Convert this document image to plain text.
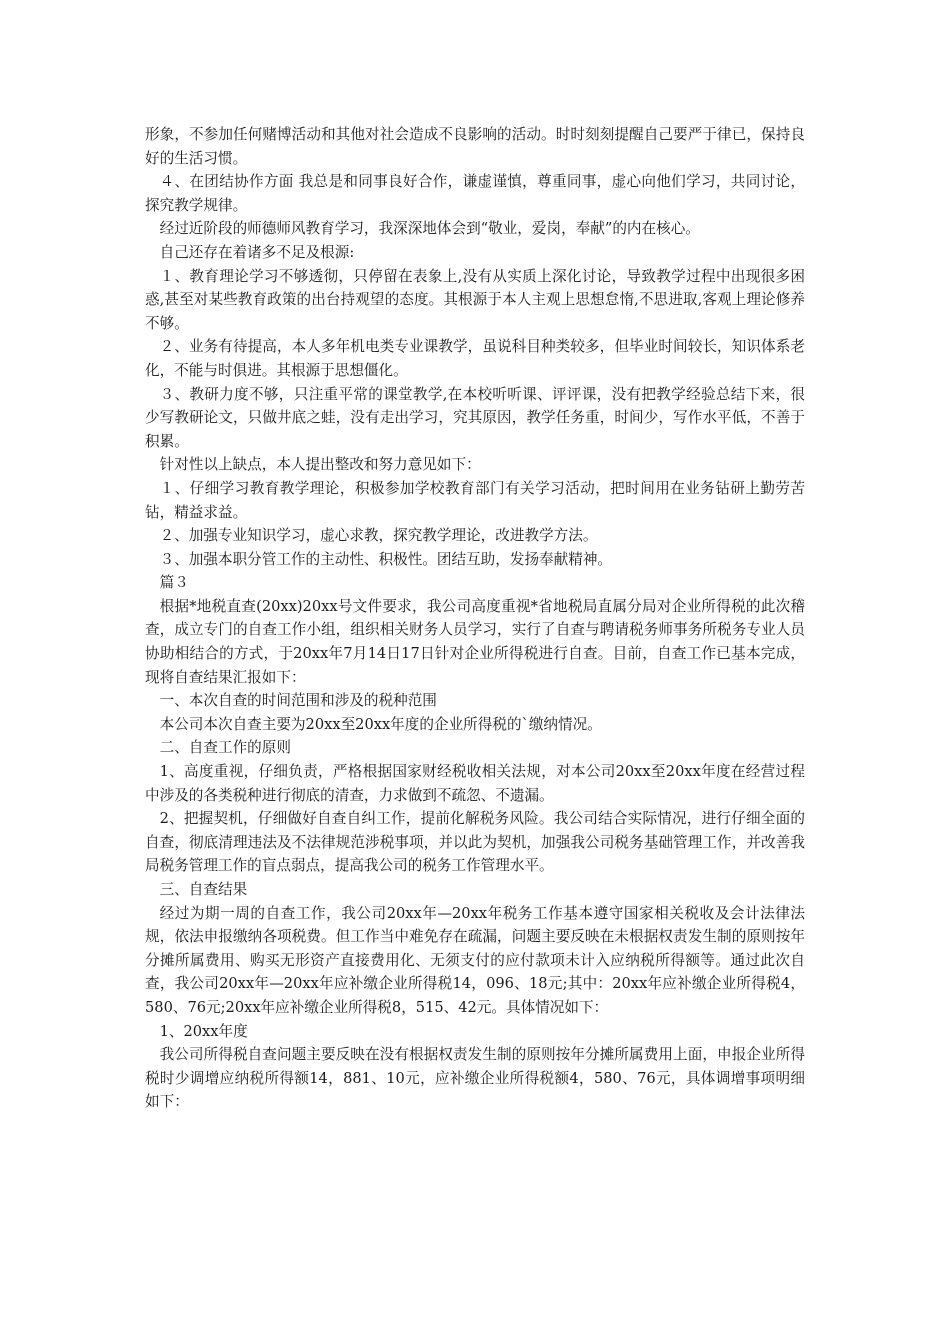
形象，不参加任何赌博活动和其他对社会造成不良影响的活动。时时刻刻提醒自己要严于律已，保持良好的生活习惯。

４、在团结协作方面 我总是和同事良好合作，谦虚谨慎，尊重同事，虚心向他们学习，共同讨论，探究教学规律。

经过近阶段的师德师风教育学习，我深深地体会到“敬业，爱岗，奉献”的内在核心。

自己还存在着诸多不足及根源:

１、教育理论学习不够透彻，只停留在表象上,没有从实质上深化讨论，导致教学过程中出现很多困惑,甚至对某些教育政策的出台持观望的态度。其根源于本人主观上思想怠惰,不思进取,客观上理论修养不够。

２、业务有待提高，本人多年机电类专业课教学，虽说科目种类较多，但毕业时间较长，知识体系老化，不能与时俱进。其根源于思想僵化。

３、教研力度不够，只注重平常的课堂教学,在本校听听课、评评课，没有把教学经验总结下来，很少写教研论文，只做井底之蛙，没有走出学习，究其原因，教学任务重，时间少，写作水平低，不善于积累。

针对性以上缺点，本人提出整改和努力意见如下：

１、仔细学习教育教学理论，积极参加学校教育部门有关学习活动，把时间用在业务钻研上勤劳苦钻，精益求益。

２、加强专业知识学习，虚心求教，探究教学理论，改进教学方法。

３、加强本职分管工作的主动性、积极性。团结互助，发扬奉献精神。

篇３

根据*地税直查(20xx)20xx号文件要求，我公司高度重视*省地税局直属分局对企业所得税的此次稽查，成立专门的自查工作小组，组织相关财务人员学习，实行了自查与聘请税务师事务所税务专业人员协助相结合的方式，于20xx年7月14日17日针对企业所得税进行自查。目前，自查工作已基本完成，现将自查结果汇报如下：

一、本次自查的时间范围和涉及的税种范围

本公司本次自查主要为20xx至20xx年度的企业所得税的`缴纳情况。

二、自查工作的原则

1、高度重视，仔细负责，严格根据国家财经税收相关法规，对本公司20xx至20xx年度在经营过程中涉及的各类税种进行彻底的清查，力求做到不疏忽、不遗漏。

2、把握契机，仔细做好自查自纠工作，提前化解税务风险。我公司结合实际情况，进行仔细全面的自查，彻底清理违法及不法律规范涉税事项，并以此为契机，加强我公司税务基础管理工作，并改善我局税务管理工作的盲点弱点，提高我公司的税务工作管理水平。

三、自查结果

经过为期一周的自查工作，我公司20xx年—20xx年税务工作基本遵守国家相关税收及会计法律法规，依法申报缴纳各项税费。但工作当中难免存在疏漏，问题主要反映在未根据权责发生制的原则按年分摊所属费用、购买无形资产直接费用化、无须支付的应付款项未计入应纳税所得额等。通过此次自查，我公司20xx年—20xx年应补缴企业所得税14，096、18元;其中：20xx年应补缴企业所得税4，580、76元;20xx年应补缴企业所得税8，515、42元。具体情况如下：

1、20xx年度

我公司所得税自查问题主要反映在没有根据权责发生制的原则按年分摊所属费用上面，申报企业所得税时少调增应纳税所得额14，881、10元，应补缴企业所得税额4，580、76元，具体调增事项明细如下：
